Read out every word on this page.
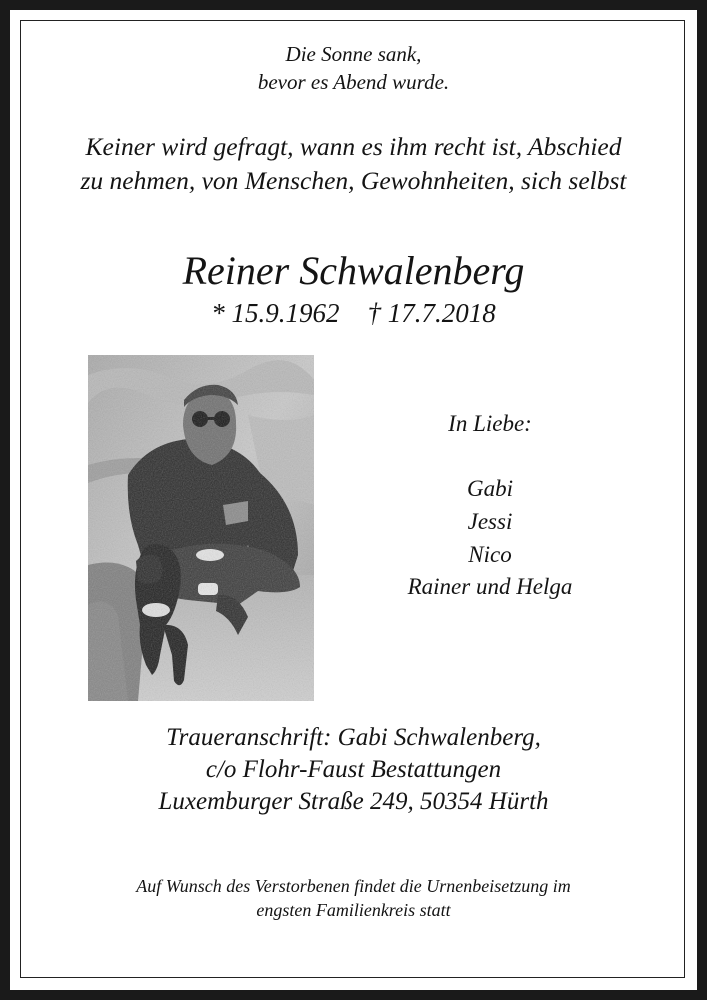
Die Sonne sank,
bevor es Abend wurde.
Keiner wird gefragt, wann es ihm recht ist, Abschied
zu nehmen, von Menschen, Gewohnheiten, sich selbst
Reiner Schwalenberg
* 15.9.1962 † 17.7.2018
In Liebe:
Gabi
Jessi
Nico
Rainer und Helga
Traueranschrift: Gabi Schwalenberg,
c/o Flohr-Faust Bestattungen
Luxemburger Straße 249, 50354 Hürth
Auf Wunsch des Verstorbenen findet die Urnenbeisetzung im
engsten Familienkreis statt
